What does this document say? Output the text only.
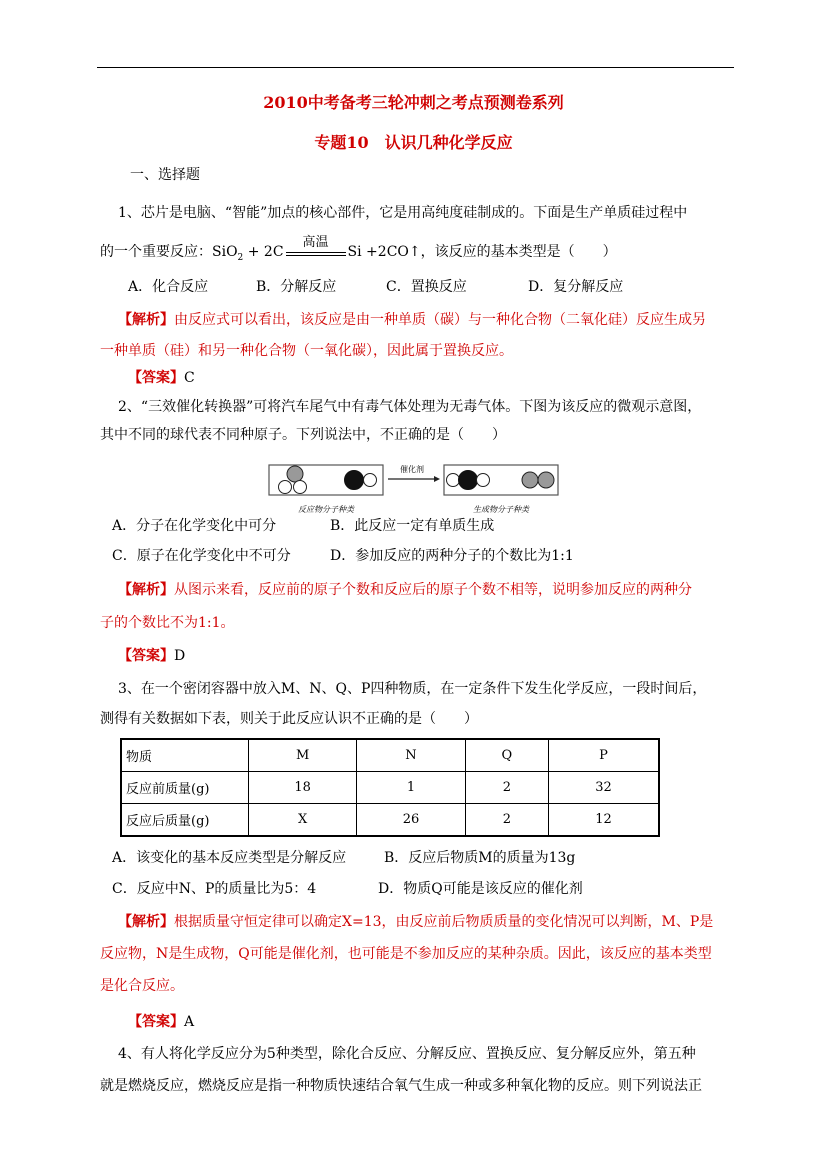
2010中考备考三轮冲刺之考点预测卷系列
专题10　认识几种化学反应
一、选择题
1、芯片是电脑、“智能”加点的核心部件，它是用高纯度硅制成的。下面是生产单质硅过程中
的一个重要反应：SiO$_2$ + 2C
高温
Si +2CO↑，该反应的基本类型是（　　）
A．化合反应	B．分解反应	C．置换反应	D．复分解反应
【解析】由反应式可以看出，该反应是由一种单质（碳）与一种化合物（二氧化硅）反应生成另
一种单质（硅）和另一种化合物（一氧化碳），因此属于置换反应。
【答案】C
2、“三效催化转换器”可将汽车尾气中有毒气体处理为无毒气体。下图为该反应的微观示意图，
其中不同的球代表不同种原子。下列说法中，不正确的是（　　）
催化剂
反应物分子种类	生成物分子种类
A．分子在化学变化中可分	B．此反应一定有单质生成
C．原子在化学变化中不可分	D．参加反应的两种分子的个数比为1:1
【解析】从图示来看，反应前的原子个数和反应后的原子个数不相等，说明参加反应的两种分
子的个数比不为1:1。
【答案】D
3、在一个密闭容器中放入M、N、Q、P四种物质，在一定条件下发生化学反应，一段时间后，
测得有关数据如下表，则关于此反应认识不正确的是（　　）
物质	M	N	Q	P
反应前质量(g)	18	1	2	32
反应后质量(g)	X	26	2	12
A．该变化的基本反应类型是分解反应	B．反应后物质M的质量为13g
C．反应中N、P的质量比为5：4	D．物质Q可能是该反应的催化剂
【解析】根据质量守恒定律可以确定X=13，由反应前后物质质量的变化情况可以判断，M、P是
反应物，N是生成物，Q可能是催化剂，也可能是不参加反应的某种杂质。因此，该反应的基本类型
是化合反应。
【答案】A
4、有人将化学反应分为5种类型，除化合反应、分解反应、置换反应、复分解反应外，第五种
就是燃烧反应，燃烧反应是指一种物质快速结合氧气生成一种或多种氧化物的反应。则下列说法正
